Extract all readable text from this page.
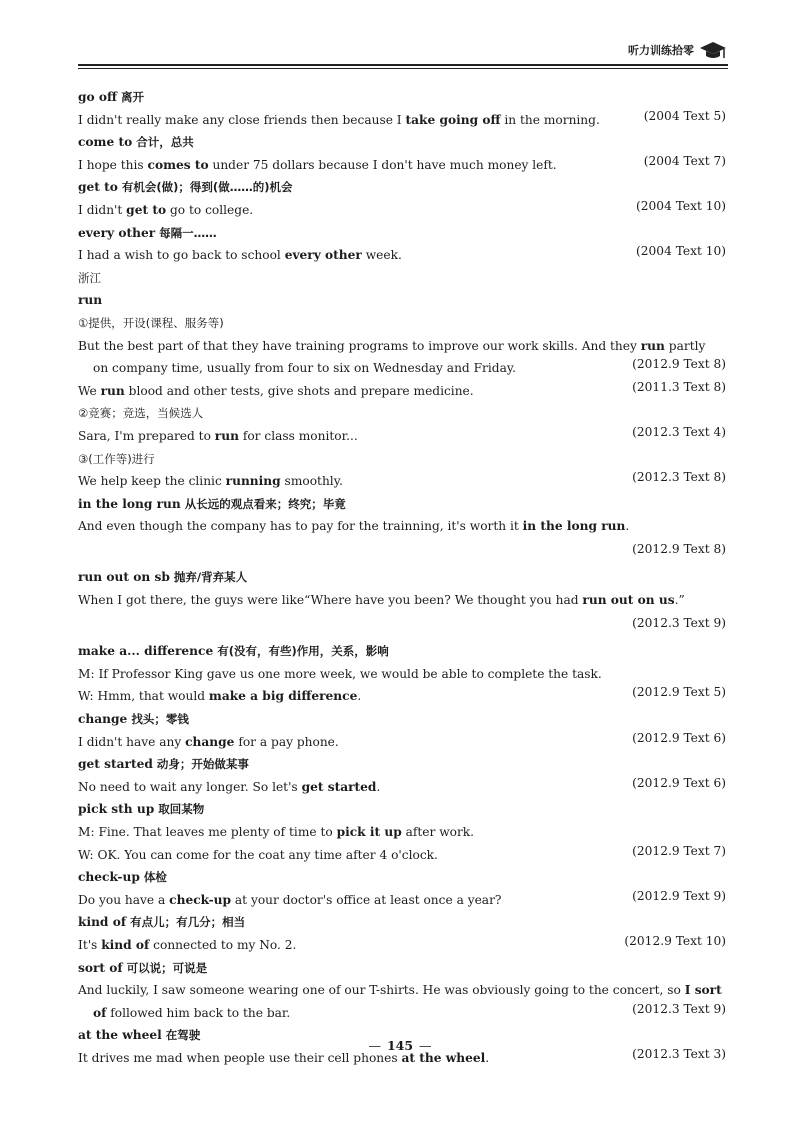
听力训练拾零
go off 离开
I didn't really make any close friends then because I take going off in the morning.	(2004 Text 5)
come to 合计，总共
I hope this comes to under 75 dollars because I don't have much money left.	(2004 Text 7)
get to 有机会(做)；得到(做……的)机会
I didn't get to go to college.	(2004 Text 10)
every other 每隔一……
I had a wish to go back to school every other week.	(2004 Text 10)
浙江
run
①提供，开设(课程、服务等)
But the best part of that they have training programs to improve our work skills. And they run partly
on company time, usually from four to six on Wednesday and Friday.	(2012.9 Text 8)
We run blood and other tests, give shots and prepare medicine.	(2011.3 Text 8)
②竞赛；竞选，当候选人
Sara, I'm prepared to run for class monitor...	(2012.3 Text 4)
③(工作等)进行
We help keep the clinic running smoothly.	(2012.3 Text 8)
in the long run 从长远的观点看来；终究；毕竟
And even though the company has to pay for the trainning, it's worth it in the long run.
(2012.9 Text 8)
run out on sb 抛弃/背弃某人
When I got there, the guys were like“Where have you been? We thought you had run out on us.”
(2012.3 Text 9)
make a... difference 有(没有，有些)作用，关系，影响
M: If Professor King gave us one more week, we would be able to complete the task.
W: Hmm, that would make a big difference.	(2012.9 Text 5)
change 找头；零钱
I didn't have any change for a pay phone.	(2012.9 Text 6)
get started 动身；开始做某事
No need to wait any longer. So let's get started.	(2012.9 Text 6)
pick sth up 取回某物
M: Fine. That leaves me plenty of time to pick it up after work.
W: OK. You can come for the coat any time after 4 o'clock.	(2012.9 Text 7)
check-up 体检
Do you have a check-up at your doctor's office at least once a year?	(2012.9 Text 9)
kind of 有点儿；有几分；相当
It's kind of connected to my No. 2.	(2012.9 Text 10)
sort of 可以说；可说是
And luckily, I saw someone wearing one of our T-shirts. He was obviously going to the concert, so I sort
of followed him back to the bar.	(2012.3 Text 9)
at the wheel 在驾驶
It drives me mad when people use their cell phones at the wheel.	(2012.3 Text 3)
— 145 —
